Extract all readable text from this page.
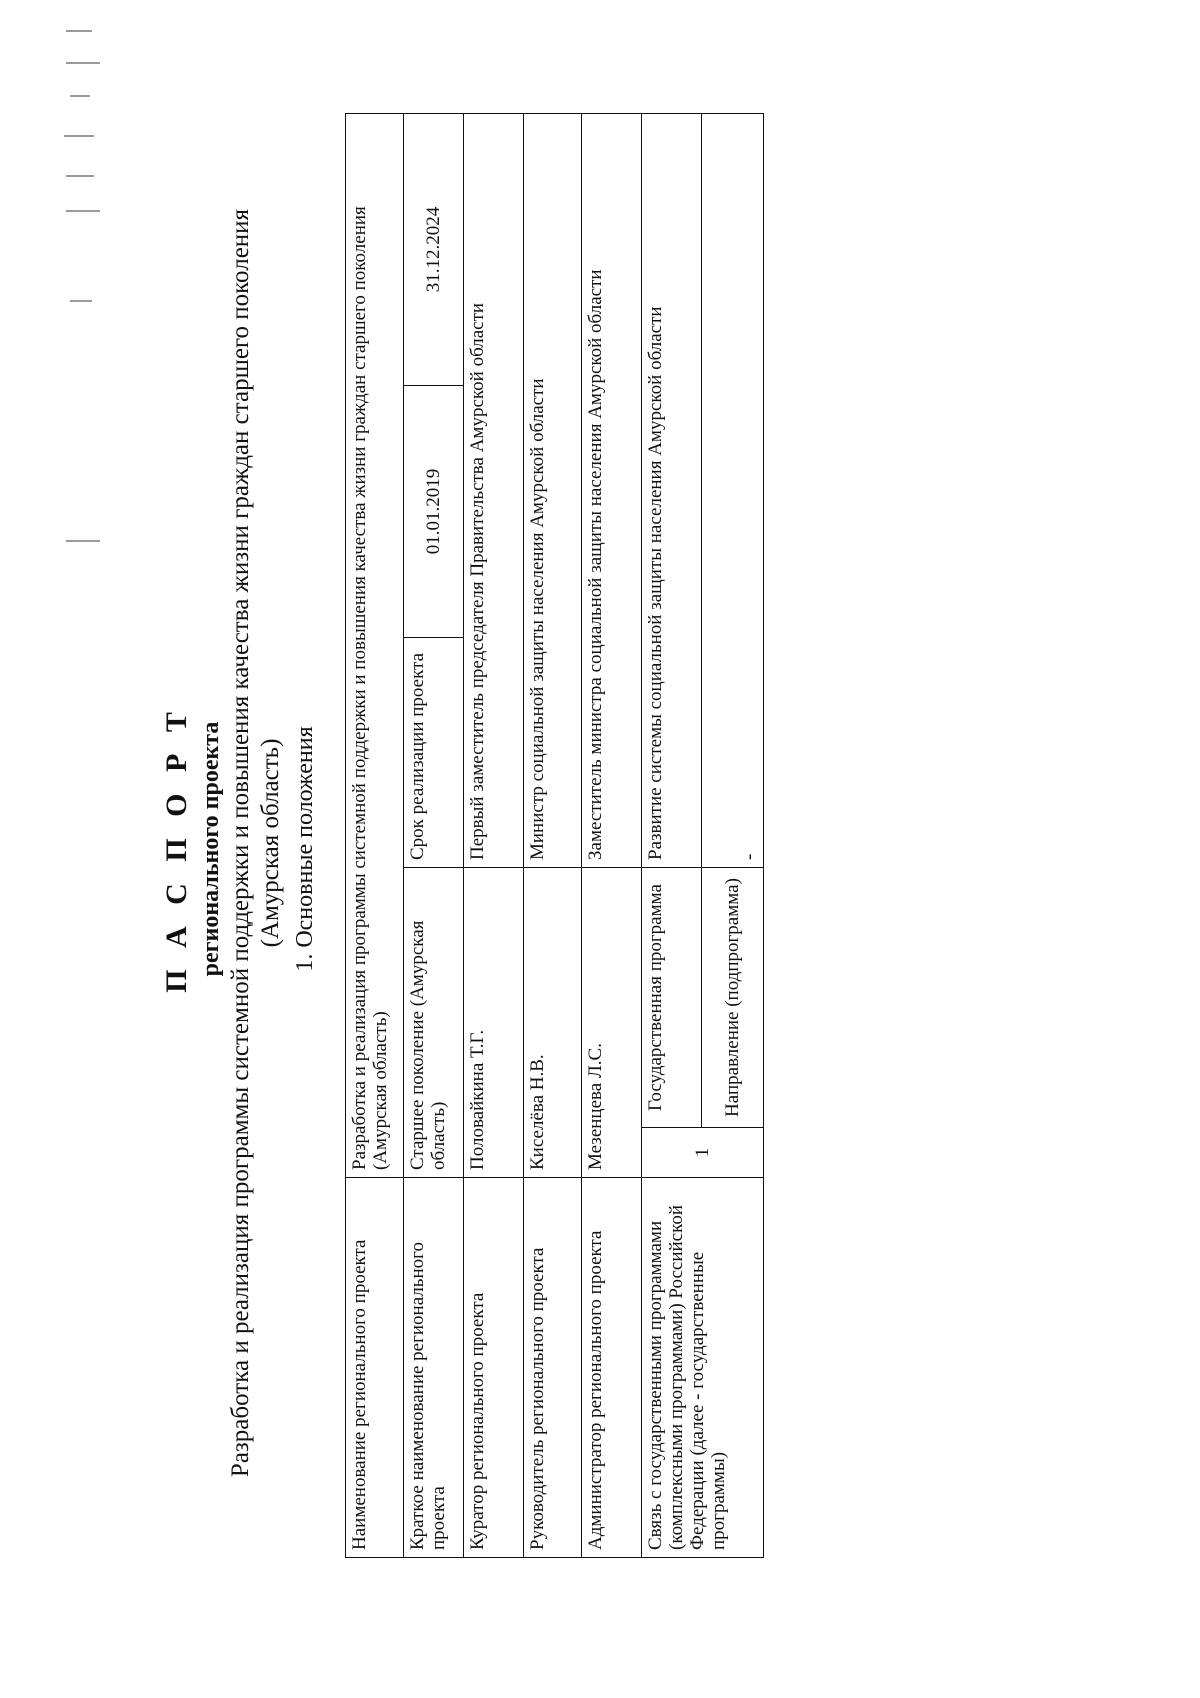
П А С П О Р Т регионального проекта Разработка и реализация программы системной поддержки и повышения качества жизни граждан старшего поколения (Амурская область) 1. Основные положения
Наименование регионального проекта	Разработка и реализация программы системной поддержки и повышения качества жизни граждан старшего поколения (Амурская область)				
Краткое наименование регионального проекта	Старшее поколение (Амурская область)		Срок реализации проекта	01.01.2019	31.12.2024
Куратор регионального проекта	Половайкина Т.Г.		Первый заместитель председателя Правительства Амурской области		
Руководитель регионального проекта	Киселёва Н.В.		Министр социальной защиты населения Амурской области		
Администратор регионального проекта	Мезенцева Л.С.		Заместитель министра социальной защиты населения Амурской области		
Связь с государственными программами (комплексными программами) Российской Федерации (далее - государственные программы)	1	Государственная программа	Развитие системы социальной защиты населения Амурской области		
		Направление (подпрограмма)	-		
